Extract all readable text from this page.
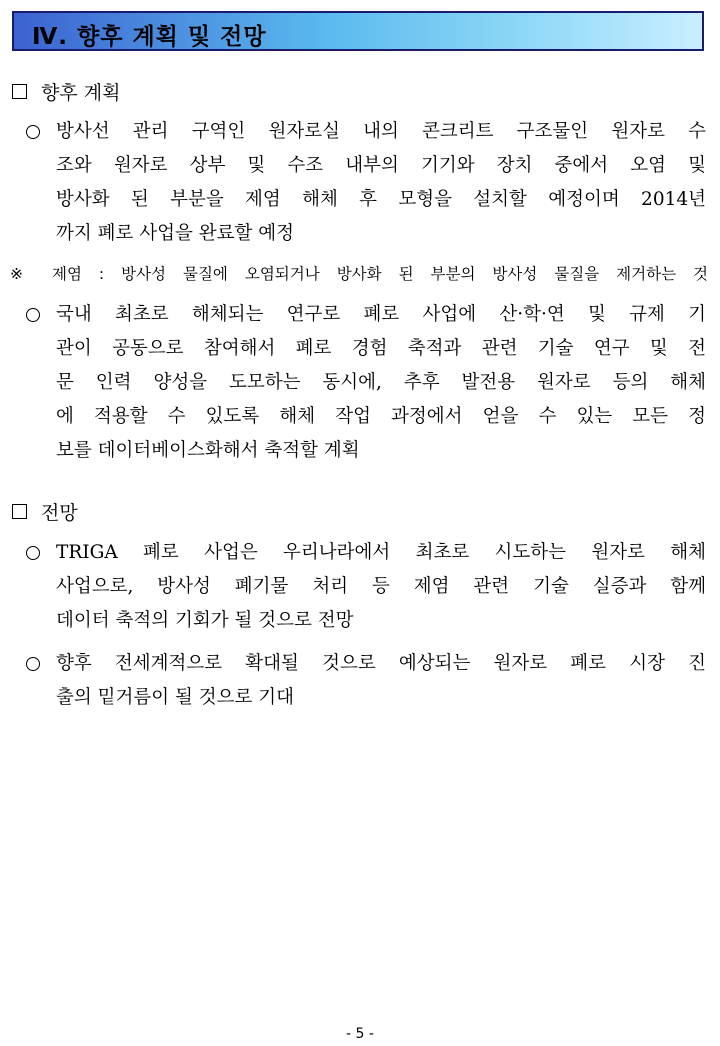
Ⅳ. 향후 계획 및 전망
향후 계획
방사선 관리 구역인 원자로실 내의 콘크리트 구조물인 원자로 수
조와 원자로 상부 및 수조 내부의 기기와 장치 중에서 오염 및
방사화 된 부분을 제염 해체 후 모형을 설치할 예정이며 2014년
까지 폐로 사업을 완료할 예정
※ 제염 : 방사성 물질에 오염되거나 방사화 된 부분의 방사성 물질을 제거하는 것
국내 최초로 해체되는 연구로 폐로 사업에 산·학·연 및 규제 기
관이 공동으로 참여해서 폐로 경험 축적과 관련 기술 연구 및 전
문 인력 양성을 도모하는 동시에, 추후 발전용 원자로 등의 해체
에 적용할 수 있도록 해체 작업 과정에서 얻을 수 있는 모든 정
보를 데이터베이스화해서 축적할 계획
전망
TRIGA 폐로 사업은 우리나라에서 최초로 시도하는 원자로 해체
사업으로, 방사성 폐기물 처리 등 제염 관련 기술 실증과 함께
데이터 축적의 기회가 될 것으로 전망
향후 전세계적으로 확대될 것으로 예상되는 원자로 폐로 시장 진
출의 밑거름이 될 것으로 기대
- 5 -
